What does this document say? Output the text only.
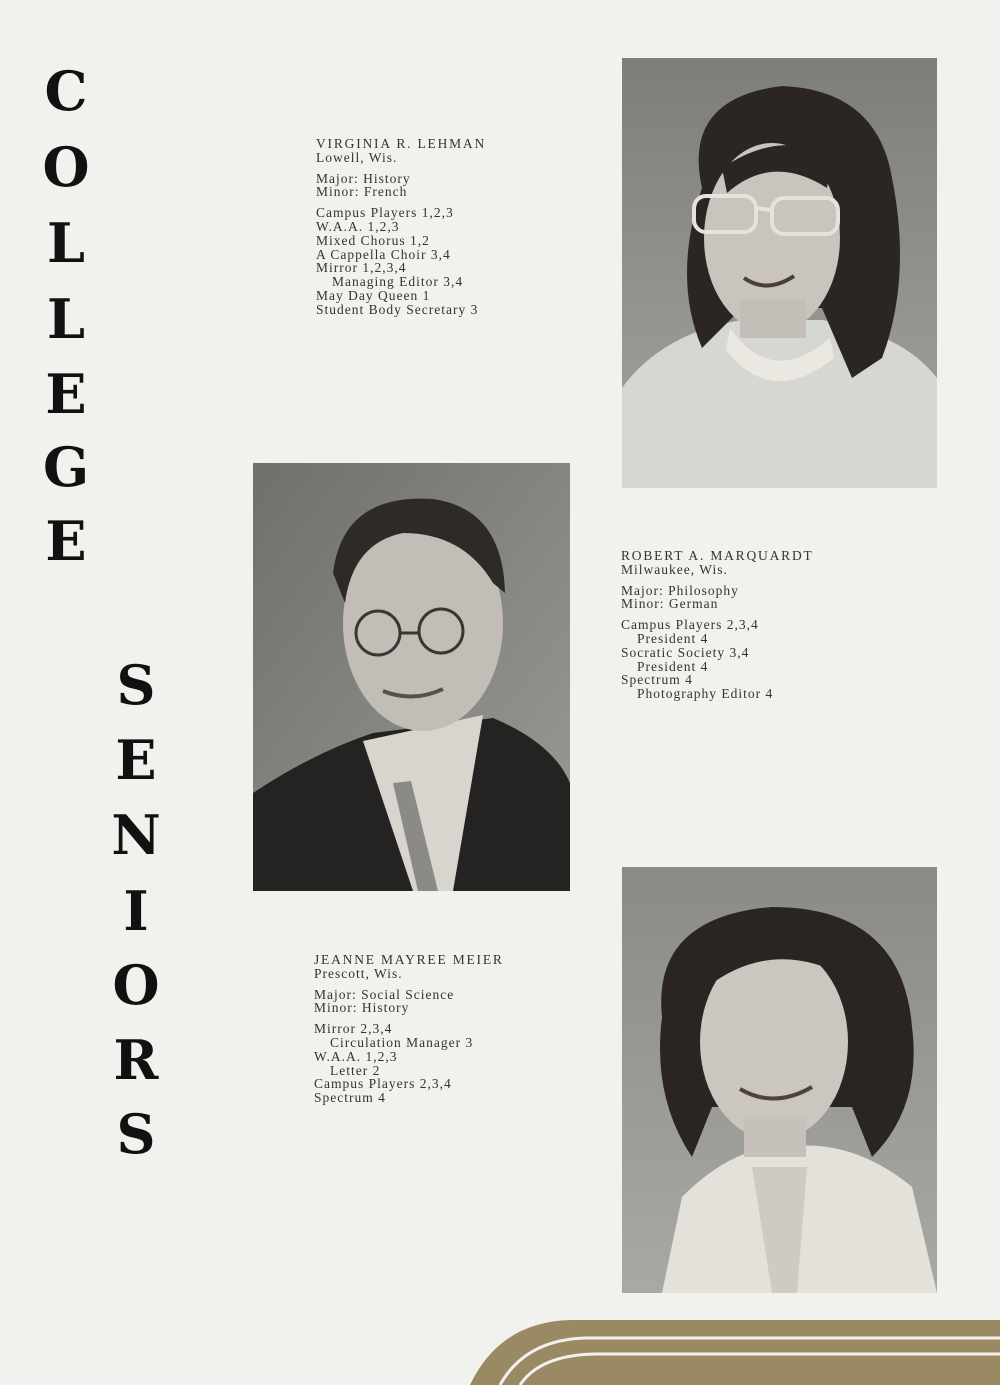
C
O
L
L
E
G
E
S
E
N
I
O
R
S
VIRGINIA R. LEHMAN
Lowell, Wis.
Major: History
Minor: French
Campus Players 1,2,3
W.A.A. 1,2,3
Mixed Chorus 1,2
A Cappella Choir 3,4
Mirror 1,2,3,4
Managing Editor 3,4
May Day Queen 1
Student Body Secretary 3
ROBERT A. MARQUARDT
Milwaukee, Wis.
Major: Philosophy
Minor: German
Campus Players 2,3,4
President 4
Socratic Society 3,4
President 4
Spectrum 4
Photography Editor 4
JEANNE MAYREE MEIER
Prescott, Wis.
Major: Social Science
Minor: History
Mirror 2,3,4
Circulation Manager 3
W.A.A. 1,2,3
Letter 2
Campus Players 2,3,4
Spectrum 4
